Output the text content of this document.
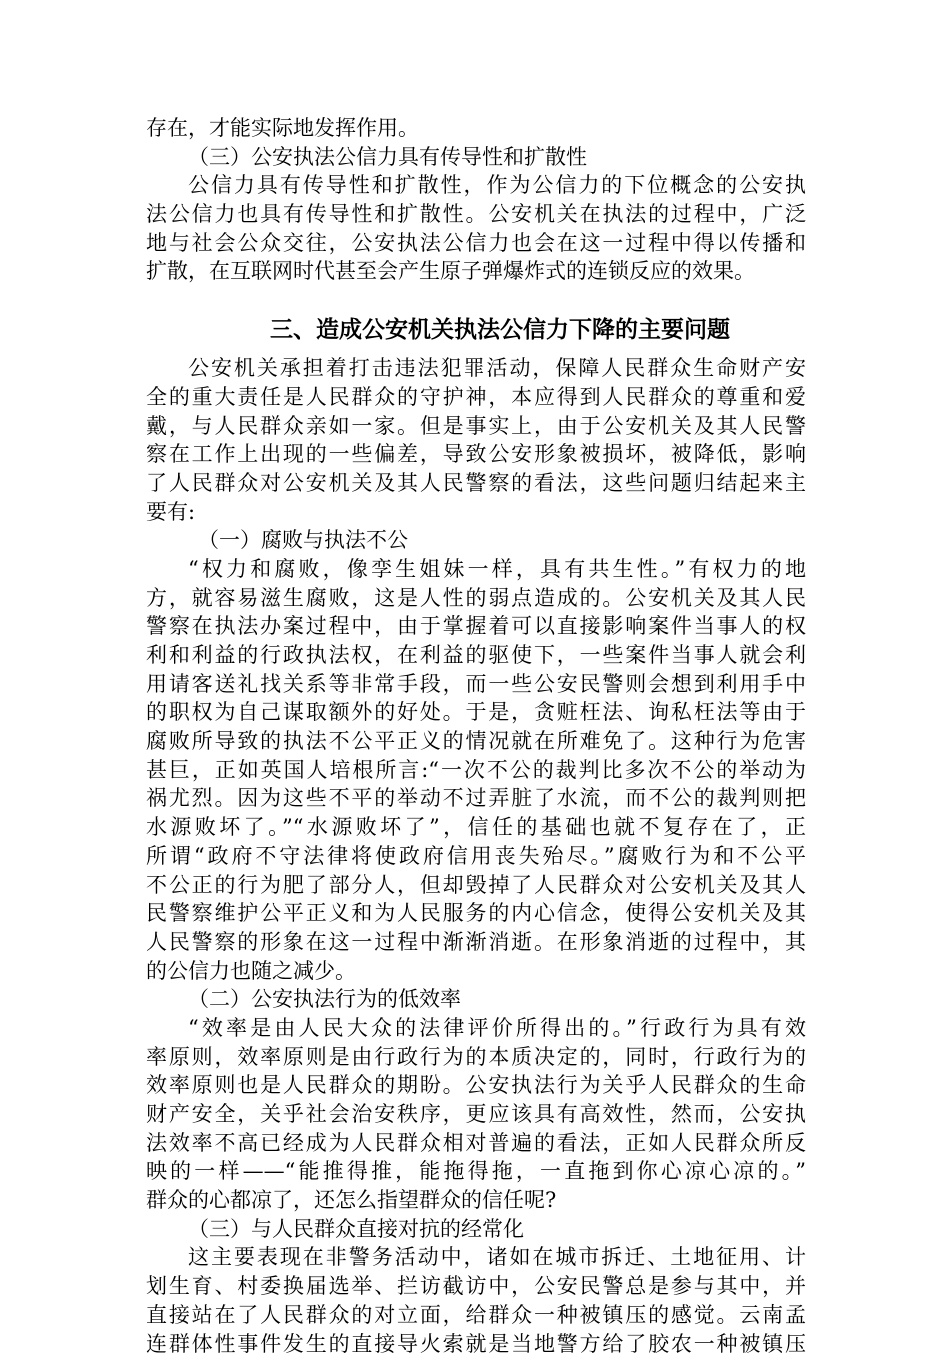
存在，才能实际地发挥作用。
（三）公安执法公信力具有传导性和扩散性
公信力具有传导性和扩散性，作为公信力的下位概念的公安执
法公信力也具有传导性和扩散性。公安机关在执法的过程中，广泛
地与社会公众交往，公安执法公信力也会在这一过程中得以传播和
扩散，在互联网时代甚至会产生原子弹爆炸式的连锁反应的效果。
三、造成公安机关执法公信力下降的主要问题
公安机关承担着打击违法犯罪活动，保障人民群众生命财产安
全的重大责任是人民群众的守护神，本应得到人民群众的尊重和爱
戴，与人民群众亲如一家。但是事实上，由于公安机关及其人民警
察在工作上出现的一些偏差，导致公安形象被损坏，被降低，影响
了人民群众对公安机关及其人民警察的看法，这些问题归结起来主
要有:
（一）腐败与执法不公
“权力和腐败，像孪生姐妹一样，具有共生性。”有权力的地
方，就容易滋生腐败，这是人性的弱点造成的。公安机关及其人民
警察在执法办案过程中，由于掌握着可以直接影响案件当事人的权
利和利益的行政执法权，在利益的驱使下，一些案件当事人就会利
用请客送礼找关系等非常手段，而一些公安民警则会想到利用手中
的职权为自己谋取额外的好处。于是，贪赃枉法、询私枉法等由于
腐败所导致的执法不公平正义的情况就在所难免了。这种行为危害
甚巨，正如英国人培根所言:“一次不公的裁判比多次不公的举动为
祸尤烈。因为这些不平的举动不过弄脏了水流，而不公的裁判则把
水源败坏了。”“水源败坏了”，信任的基础也就不复存在了，正
所谓“政府不守法律将使政府信用丧失殆尽。”腐败行为和不公平
不公正的行为肥了部分人，但却毁掉了人民群众对公安机关及其人
民警察维护公平正义和为人民服务的内心信念，使得公安机关及其
人民警察的形象在这一过程中渐渐消逝。在形象消逝的过程中，其
的公信力也随之减少。
（二）公安执法行为的低效率
“效率是由人民大众的法律评价所得出的。”行政行为具有效
率原则，效率原则是由行政行为的本质决定的，同时，行政行为的
效率原则也是人民群众的期盼。公安执法行为关乎人民群众的生命
财产安全，关乎社会治安秩序，更应该具有高效性，然而，公安执
法效率不高已经成为人民群众相对普遍的看法，正如人民群众所反
映的一样——“能推得推，能拖得拖，一直拖到你心凉心凉的。”
群众的心都凉了，还怎么指望群众的信任呢?
（三）与人民群众直接对抗的经常化
这主要表现在非警务活动中，诸如在城市拆迁、土地征用、计
划生育、村委换届选举、拦访截访中，公安民警总是参与其中，并
直接站在了人民群众的对立面，给群众一种被镇压的感觉。云南孟
连群体性事件发生的直接导火索就是当地警方给了胶农一种被镇压
